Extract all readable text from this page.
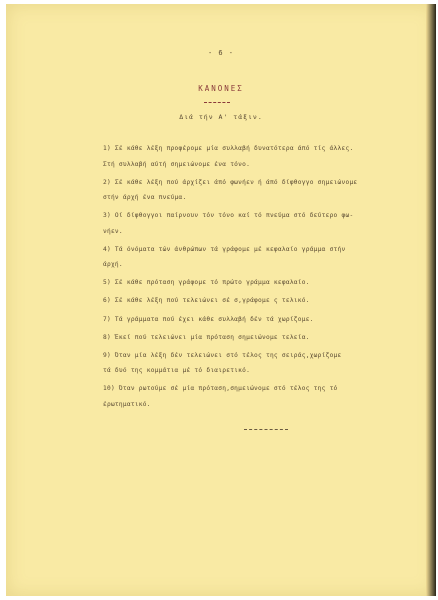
- 6 -
ΚΑΝΟΝΕΣ
Διά τήν Α' τάξιν.
1) Σέ κάθε λέξη προφέρομε μία συλλαβή δυνατότερα άπό τίς άλλες.
Στή συλλαβή αύτή σημειώνομε ένα τόνο.
2) Σέ κάθε λέξη πού άρχίζει άπό φωνήεν ή άπό δίφθογγο σημειώνομε
στήν άρχή ένα πνεύμα.
3) Οί δίφθογγοι παίρνουν τόν τόνο καί τό πνεύμα στό δεύτερο φω-
νήεν.
4) Τά όνόματα τών άνθρώπων τά γράφομε μέ κεφαλαίο γράμμα στήν
άρχή.
5) Σέ κάθε πρόταση γράφομε τό πρώτο γράμμα κεφαλαίο.
6) Σέ κάθε λέξη πού τελειώνει σέ σ,γράφομε ς τελικό.
7) Τά γράμματα πού έχει κάθε συλλαβή δέν τά χωρίζομε.
8) Έκεί πού τελειώνει μία πρόταση σημειώνομε τελεία.
9) Όταν μία λέξη δέν τελειώνει στό τέλος της σειράς,χωρίζομε
τά δυό της κομμάτια μέ τό διαιρετικό.
10) Όταν ρωτούμε σέ μία πρόταση,σημειώνομε στό τέλος της τό
έρωτηματικό.
